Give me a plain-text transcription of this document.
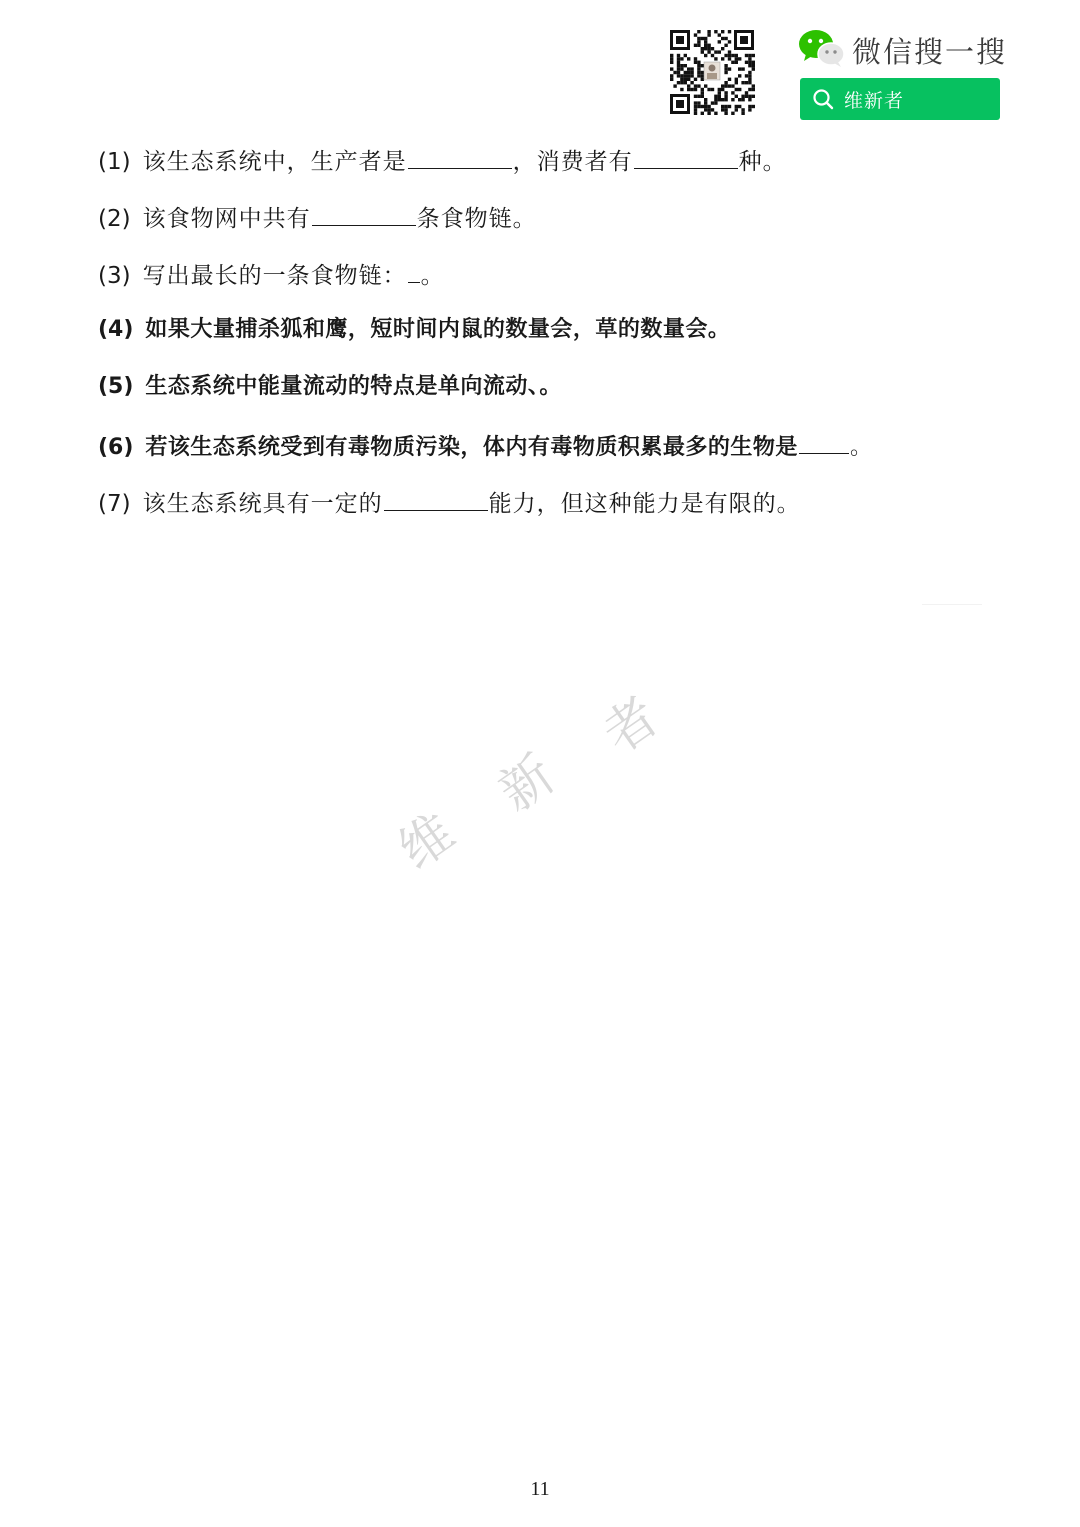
微信搜一搜
维新者
(1) 该生态系统中，生产者是	，消费者有	种。
(2) 该食物网中共有	条食物链。
(3) 写出最长的一条食物链： 。
(4) 如果大量捕杀狐和鹰，短时间内鼠的数量会，草的数量会。
(5) 生态系统中能量流动的特点是单向流动、。
(6) 若该生态系统受到有毒物质污染，体内有毒物质积累最多的生物是 。
(7) 该生态系统具有一定的	能力，但这种能力是有限的。
维
新
者
11
